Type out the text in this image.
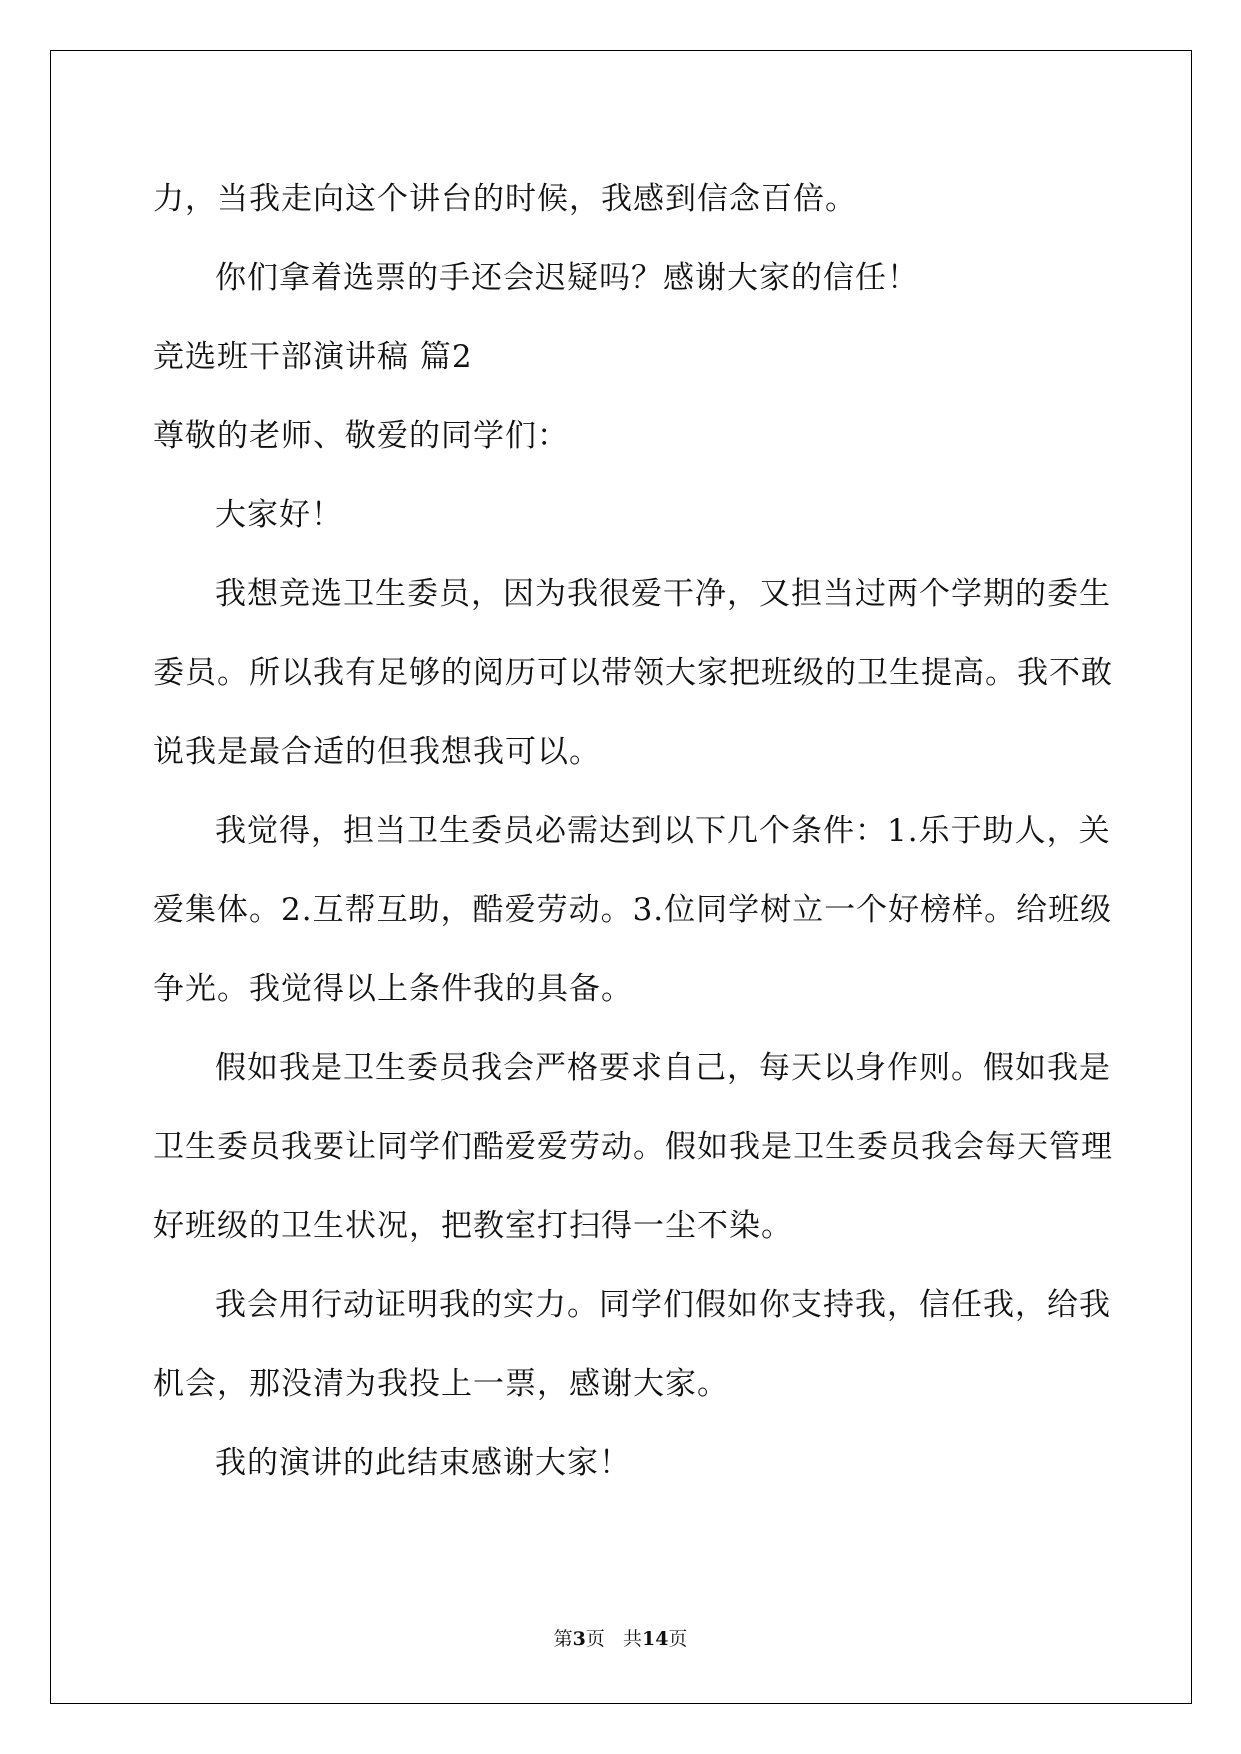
力，当我走向这个讲台的时候，我感到信念百倍。
你们拿着选票的手还会迟疑吗？感谢大家的信任！
竞选班干部演讲稿 篇2
尊敬的老师、敬爱的同学们：
大家好！
我想竞选卫生委员，因为我很爱干净，又担当过两个学期的委生
委员。所以我有足够的阅历可以带领大家把班级的卫生提高。我不敢
说我是最合适的但我想我可以。
我觉得，担当卫生委员必需达到以下几个条件：1.乐于助人，关
爱集体。2.互帮互助，酷爱劳动。3.位同学树立一个好榜样。给班级
争光。我觉得以上条件我的具备。
假如我是卫生委员我会严格要求自己，每天以身作则。假如我是
卫生委员我要让同学们酷爱爱劳动。假如我是卫生委员我会每天管理
好班级的卫生状况，把教室打扫得一尘不染。
我会用行动证明我的实力。同学们假如你支持我，信任我，给我
机会，那没清为我投上一票，感谢大家。
我的演讲的此结束感谢大家！
第3页 共14页
